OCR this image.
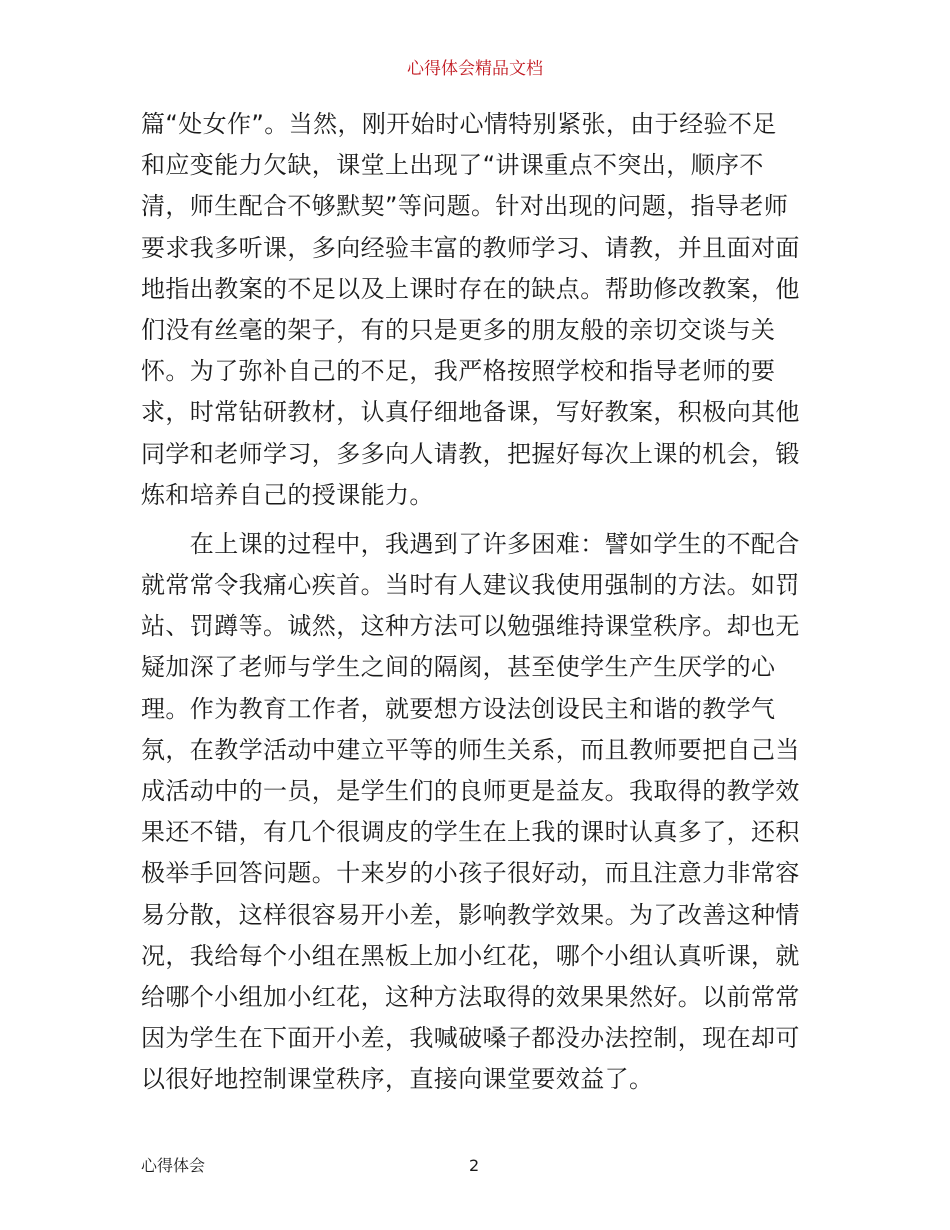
心得体会精品文档
篇“处女作”。当然，刚开始时心情特别紧张，由于经验不足
和应变能力欠缺，课堂上出现了“讲课重点不突出，顺序不
清，师生配合不够默契”等问题。针对出现的问题，指导老师
要求我多听课，多向经验丰富的教师学习、请教，并且面对面
地指出教案的不足以及上课时存在的缺点。帮助修改教案，他
们没有丝毫的架子，有的只是更多的朋友般的亲切交谈与关
怀。为了弥补自己的不足，我严格按照学校和指导老师的要
求，时常钻研教材，认真仔细地备课，写好教案，积极向其他
同学和老师学习，多多向人请教，把握好每次上课的机会，锻
炼和培养自己的授课能力。
　　在上课的过程中，我遇到了许多困难：譬如学生的不配合
就常常令我痛心疾首。当时有人建议我使用强制的方法。如罚
站、罚蹲等。诚然，这种方法可以勉强维持课堂秩序。却也无
疑加深了老师与学生之间的隔阂，甚至使学生产生厌学的心
理。作为教育工作者，就要想方设法创设民主和谐的教学气
氛，在教学活动中建立平等的师生关系，而且教师要把自己当
成活动中的一员，是学生们的良师更是益友。我取得的教学效
果还不错，有几个很调皮的学生在上我的课时认真多了，还积
极举手回答问题。十来岁的小孩子很好动，而且注意力非常容
易分散，这样很容易开小差，影响教学效果。为了改善这种情
况，我给每个小组在黑板上加小红花，哪个小组认真听课，就
给哪个小组加小红花，这种方法取得的效果果然好。以前常常
因为学生在下面开小差，我喊破嗓子都没办法控制，现在却可
以很好地控制课堂秩序，直接向课堂要效益了。
心得体会	2
